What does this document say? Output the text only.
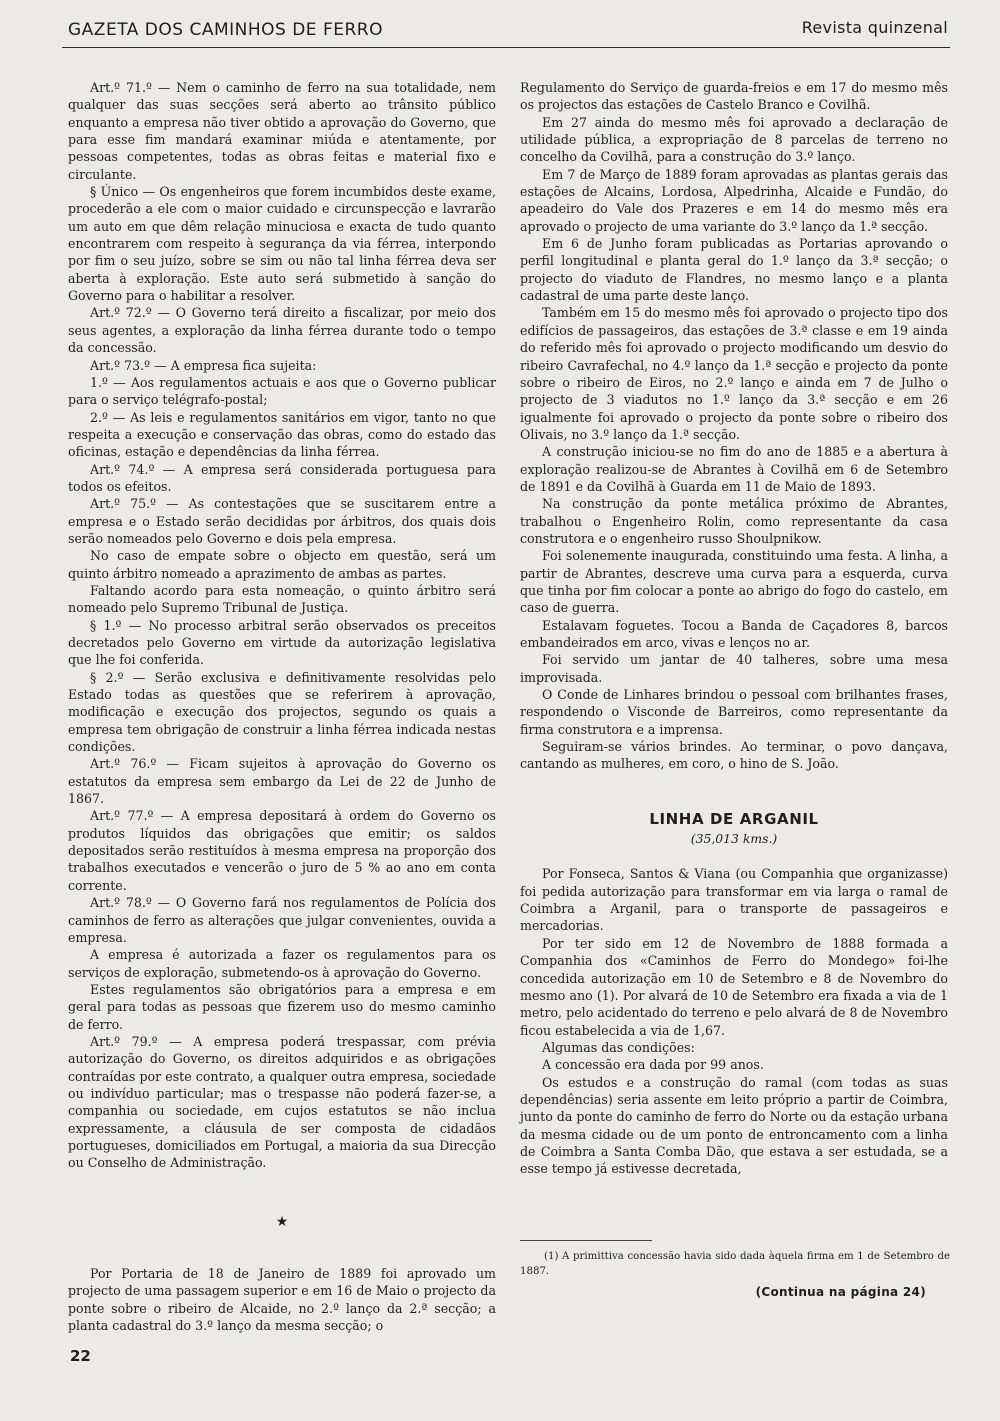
GAZETA DOS CAMINHOS DE FERRO	Revista quinzenal

Art.º 71.º — Nem o caminho de ferro na sua totalidade, nem qualquer das suas secções será aberto ao trânsito público enquanto a empresa não tiver obtido a aprovação do Governo, que para esse fim mandará examinar miúda e atentamente, por pessoas competentes, todas as obras feitas e material fixo e circulante.

§ Único — Os engenheiros que forem incumbidos deste exame, procederão a ele com o maior cuidado e circunspecção e lavrarão um auto em que dêm relação minuciosa e exacta de tudo quanto encontrarem com respeito à segurança da via férrea, interpondo por fim o seu juízo, sobre se sim ou não tal linha férrea deva ser aberta à exploração. Este auto será submetido à sanção do Governo para o habilitar a resolver.

Art.º 72.º — O Governo terá direito a fiscalizar, por meio dos seus agentes, a exploração da linha férrea durante todo o tempo da concessão.

Art.º 73.º — A empresa fica sujeita:

1.º — Aos regulamentos actuais e aos que o Governo publicar para o serviço telégrafo-postal;

2.º — As leis e regulamentos sanitários em vigor, tanto no que respeita a execução e conservação das obras, como do estado das oficinas, estação e dependências da linha férrea.

Art.º 74.º — A empresa será considerada portuguesa para todos os efeitos.

Art.º 75.º — As contestações que se suscitarem entre a empresa e o Estado serão decididas por árbitros, dos quais dois serão nomeados pelo Governo e dois pela empresa.

No caso de empate sobre o objecto em questão, será um quinto árbitro nomeado a aprazimento de ambas as partes.

Faltando acordo para esta nomeação, o quinto árbitro será nomeado pelo Supremo Tribunal de Justiça.

§ 1.º — No processo arbitral serão observados os preceitos decretados pelo Governo em virtude da autorização legislativa que lhe foi conferida.

§ 2.º — Serão exclusiva e definitivamente resolvidas pelo Estado todas as questões que se referirem à aprovação, modificação e execução dos projectos, segundo os quais a empresa tem obrigação de construir a linha férrea indicada nestas condições.

Art.º 76.º — Ficam sujeitos à aprovação do Governo os estatutos da empresa sem embargo da Lei de 22 de Junho de 1867.

Art.º 77.º — A empresa depositará à ordem do Governo os produtos líquidos das obrigações que emitir; os saldos depositados serão restituídos à mesma empresa na proporção dos trabalhos executados e vencerão o juro de 5 % ao ano em conta corrente.

Art.º 78.º — O Governo fará nos regulamentos de Polícia dos caminhos de ferro as alterações que julgar convenientes, ouvida a empresa.

A empresa é autorizada a fazer os regulamentos para os serviços de exploração, submetendo-os à aprovação do Governo.

Estes regulamentos são obrigatórios para a empresa e em geral para todas as pessoas que fizerem uso do mesmo caminho de ferro.

Art.º 79.º — A empresa poderá trespassar, com prévia autorização do Governo, os direitos adquiridos e as obrigações contraídas por este contrato, a qualquer outra empresa, sociedade ou indivíduo particular; mas o trespasse não poderá fazer-se, a companhia ou sociedade, em cujos estatutos se não inclua expressamente, a cláusula de ser composta de cidadãos portugueses, domiciliados em Portugal, a maioria da sua Direcção ou Conselho de Administração.

★

Por Portaria de 18 de Janeiro de 1889 foi aprovado um projecto de uma passagem superior e em 16 de Maio o projecto da ponte sobre o ribeiro de Alcaide, no 2.º lanço da 2.ª secção; a planta cadastral do 3.º lanço da mesma secção; o

Regulamento do Serviço de guarda-freios e em 17 do mesmo mês os projectos das estações de Castelo Branco e Covilhã.

Em 27 ainda do mesmo mês foi aprovado a declaração de utilidade pública, a expropriação de 8 parcelas de terreno no concelho da Covilhã, para a construção do 3.º lanço.

Em 7 de Março de 1889 foram aprovadas as plantas gerais das estações de Alcains, Lordosa, Alpedrinha, Alcaide e Fundão, do apeadeiro do Vale dos Prazeres e em 14 do mesmo mês era aprovado o projecto de uma variante do 3.º lanço da 1.ª secção.

Em 6 de Junho foram publicadas as Portarias aprovando o perfil longitudinal e planta geral do 1.º lanço da 3.ª secção; o projecto do viaduto de Flandres, no mesmo lanço e a planta cadastral de uma parte deste lanço.

Também em 15 do mesmo mês foi aprovado o projecto tipo dos edifícios de passageiros, das estações de 3.ª classe e em 19 ainda do referido mês foi aprovado o projecto modificando um desvio do ribeiro Cavrafechal, no 4.º lanço da 1.ª secção e projecto da ponte sobre o ribeiro de Eiros, no 2.º lanço e ainda em 7 de Julho o projecto de 3 viadutos no 1.º lanço da 3.ª secção e em 26 igualmente foi aprovado o projecto da ponte sobre o ribeiro dos Olivais, no 3.º lanço da 1.ª secção.

A construção iniciou-se no fim do ano de 1885 e a abertura à exploração realizou-se de Abrantes à Covilhã em 6 de Setembro de 1891 e da Covilhã à Guarda em 11 de Maio de 1893.

Na construção da ponte metálica próximo de Abrantes, trabalhou o Engenheiro Rolin, como representante da casa construtora e o engenheiro russo Shoulpnikow.

Foi solenemente inaugurada, constituindo uma festa. A linha, a partir de Abrantes, descreve uma curva para a esquerda, curva que tinha por fim colocar a ponte ao abrigo do fogo do castelo, em caso de guerra.

Estalavam foguetes. Tocou a Banda de Caçadores 8, barcos embandeirados em arco, vivas e lenços no ar.

Foi servido um jantar de 40 talheres, sobre uma mesa improvisada.

O Conde de Linhares brindou o pessoal com brilhantes frases, respondendo o Visconde de Barreiros, como representante da firma construtora e a imprensa.

Seguiram-se vários brindes. Ao terminar, o povo dançava, cantando as mulheres, em coro, o hino de S. João.

LINHA DE ARGANIL
(35,013 kms.)

Por Fonseca, Santos & Viana (ou Companhia que organizasse) foi pedida autorização para transformar em via larga o ramal de Coimbra a Arganil, para o transporte de passageiros e mercadorias.

Por ter sido em 12 de Novembro de 1888 formada a Companhia dos «Caminhos de Ferro do Mondego» foi-lhe concedida autorização em 10 de Setembro e 8 de Novembro do mesmo ano (1). Por alvará de 10 de Setembro era fixada a via de 1 metro, pelo acidentado do terreno e pelo alvará de 8 de Novembro ficou estabelecida a via de 1,67.

Algumas das condições:

A concessão era dada por 99 anos.

Os estudos e a construção do ramal (com todas as suas dependências) seria assente em leito próprio a partir de Coimbra, junto da ponte do caminho de ferro do Norte ou da estação urbana da mesma cidade ou de um ponto de entroncamento com a linha de Coimbra a Santa Comba Dão, que estava a ser estudada, se a esse tempo já estivesse decretada,

(1) A primittiva concessão havia sido dada àquela firma em 1 de Setembro de 1887.
(Continua na página 24)
22
